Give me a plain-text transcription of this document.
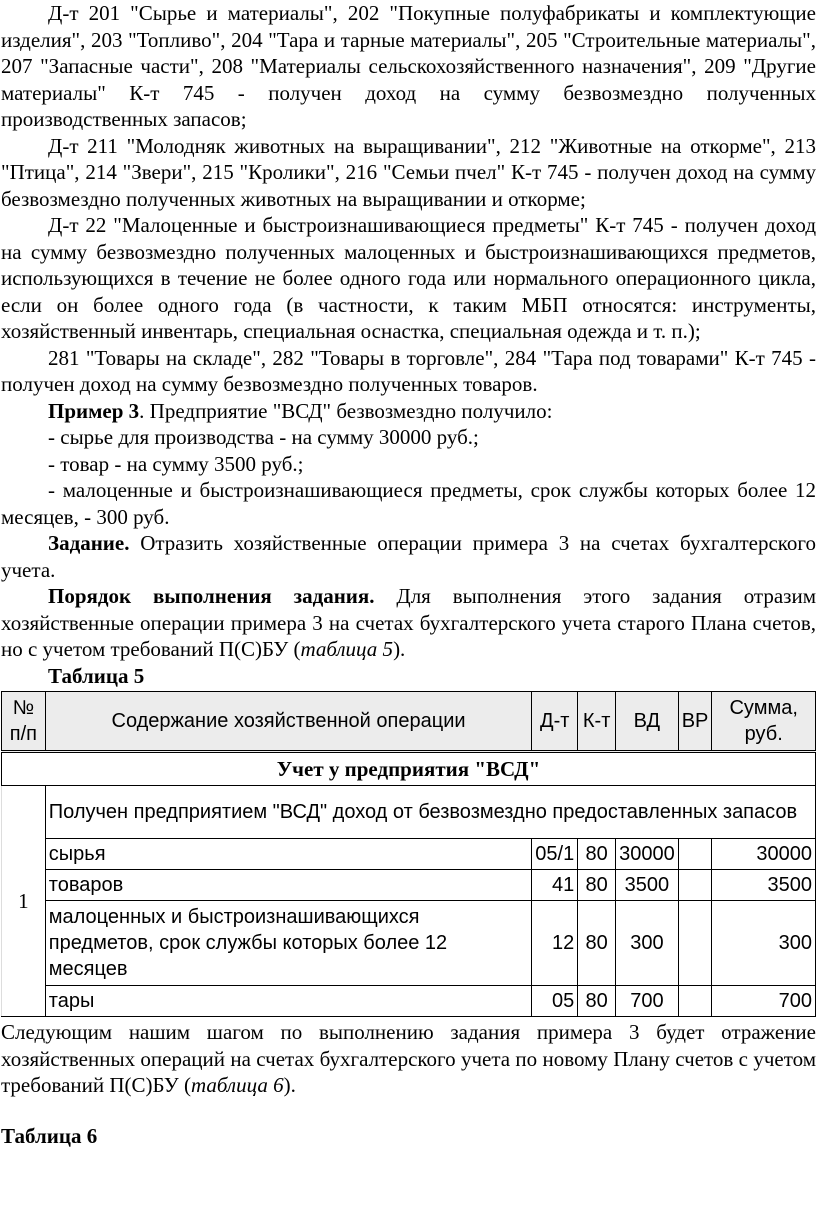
Д-т 201 "Сырье и материалы", 202 "Покупные полуфабрикаты и комплектующие изделия", 203 "Топливо", 204 "Тара и тарные материалы", 205 "Строительные материалы", 207 "Запасные части", 208 "Материалы сельскохозяйственного назначения", 209 "Другие материалы" К-т 745 - получен доход на сумму безвозмездно полученных производственных запасов;

Д-т 211 "Молодняк животных на выращивании", 212 "Животные на откорме", 213 "Птица", 214 "Звери", 215 "Кролики", 216 "Семьи пчел" К-т 745 - получен доход на сумму безвозмездно полученных животных на выращивании и откорме;

Д-т 22 "Малоценные и быстроизнашивающиеся предметы" К-т 745 - получен доход на сумму безвозмездно полученных малоценных и быстроизнашивающихся предметов, использующихся в течение не более одного года или нормального операционного цикла, если он более одного года (в частности, к таким МБП относятся: инструменты, хозяйственный инвентарь, специальная оснастка, специальная одежда и т. п.);

281 "Товары на складе", 282 "Товары в торговле", 284 "Тара под товарами" К-т 745 - получен доход на сумму безвозмездно полученных товаров.

Пример 3. Предприятие "ВСД" безвозмездно получило:

- сырье для производства - на сумму 30000 руб.;

- товар - на сумму 3500 руб.;

- малоценные и быстроизнашивающиеся предметы, срок службы которых более 12 месяцев, - 300 руб.

Задание. Отразить хозяйственные операции примера 3 на счетах бухгалтерского учета.

Порядок выполнения задания. Для выполнения этого задания отразим хозяйственные операции примера 3 на счетах бухгалтерского учета старого Плана счетов, но с учетом требований П(С)БУ (таблица 5).

Таблица 5

№ п/п	Содержание хозяйственной операции	Д-т	К-т	ВД	ВР	Сумма, руб.
Учет у предприятия "ВСД"						
1	Получен предприятием "ВСД" доход от безвозмездно предоставленных запасов					
	сырья	05/1	80	30000		30000
	товаров	41	80	3500		3500
	малоценных и быстроизнашивающихся предметов, срок службы которых более 12 месяцев	12	80	300		300
	тары	05	80	700		700

Следующим нашим шагом по выполнению задания примера 3 будет отражение хозяйственных операций на счетах бухгалтерского учета по новому Плану счетов с учетом требований П(С)БУ (таблица 6).

Таблица 6
